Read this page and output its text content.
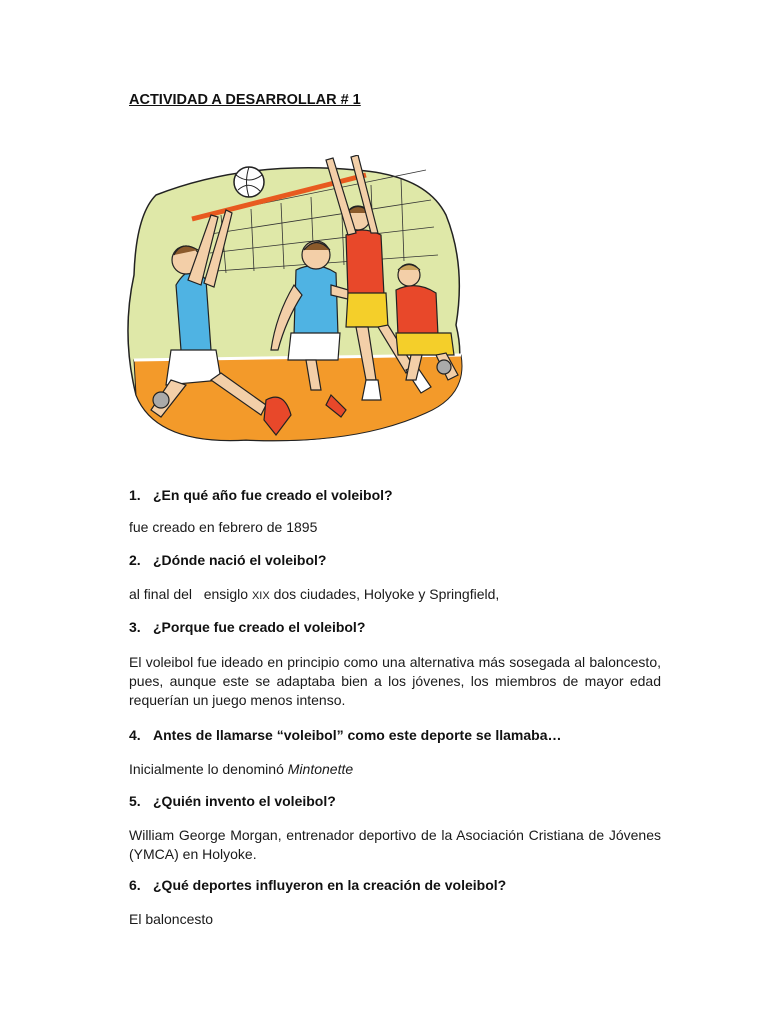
ACTIVIDAD A DESARROLLAR # 1
1. ¿En qué año fue creado el voleibol?
fue creado en febrero de 1895
2. ¿Dónde nació el voleibol?
al final del   ensiglo XIX dos ciudades, Holyoke y Springfield,
3. ¿Porque fue creado el voleibol?
El voleibol fue ideado en principio como una alternativa más sosegada al baloncesto, pues, aunque este se adaptaba bien a los jóvenes, los miembros de mayor edad requerían un juego menos intenso.
4. Antes de llamarse “voleibol” como este deporte se llamaba…
Inicialmente lo denominó Mintonette
5. ¿Quién invento el voleibol?
William George Morgan, entrenador deportivo de la Asociación Cristiana de Jóvenes (YMCA) en Holyoke.
6. ¿Qué deportes influyeron en la creación de voleibol?
El baloncesto
